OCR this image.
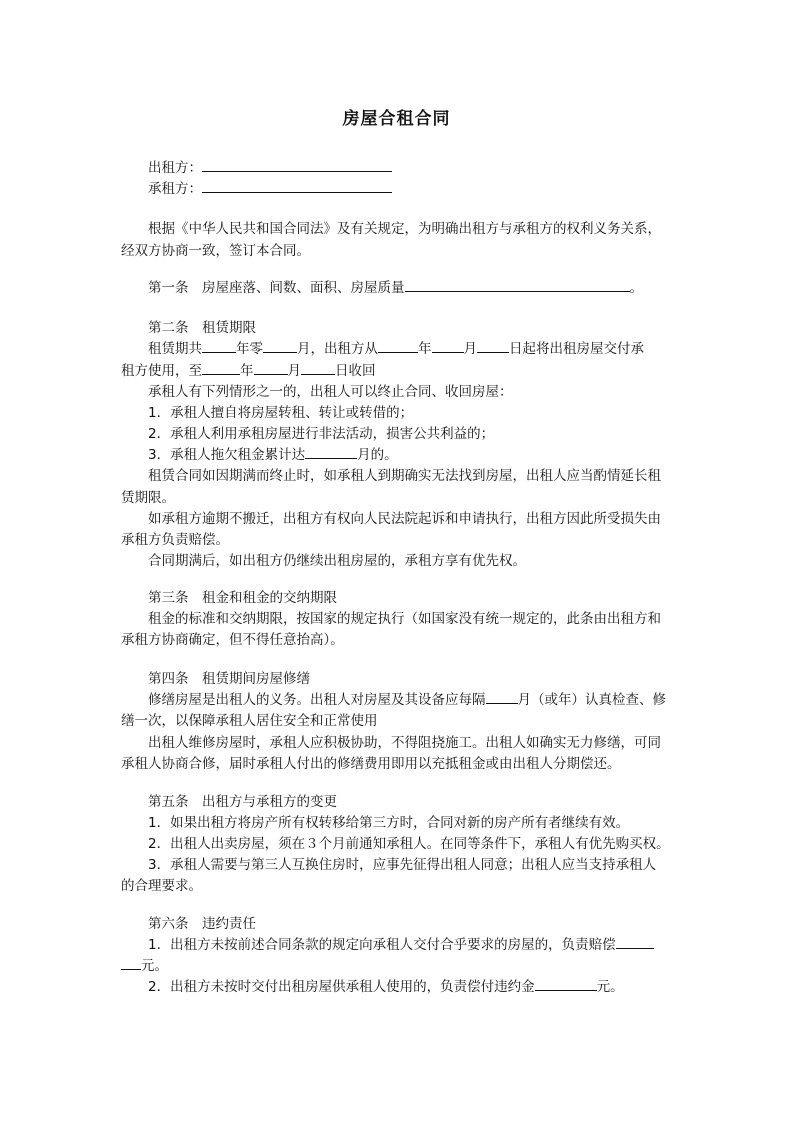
房屋合租合同
出租方：
承租方：
根据《中华人民共和国合同法》及有关规定，为明确出租方与承租方的权利义务关系，
经双方协商一致，签订本合同。
第一条　房屋座落、间数、面积、房屋质量	。
第二条　租赁期限
租赁期共	年零	月，出租方从	年 月 日起将出租房屋交付承
租方使用，至	年	月	日收回
承租人有下列情形之一的，出租人可以终止合同、收回房屋：
1．承租人擅自将房屋转租、转让或转借的；
2．承租人利用承租房屋进行非法活动，损害公共利益的；
3．承租人拖欠租金累计达	月的。
租赁合同如因期满而终止时，如承租人到期确实无法找到房屋，出租人应当酌情延长租
赁期限。
如承租方逾期不搬迁，出租方有权向人民法院起诉和申请执行，出租方因此所受损失由
承租方负责赔偿。
合同期满后，如出租方仍继续出租房屋的，承租方享有优先权。
第三条　租金和租金的交纳期限
租金的标准和交纳期限，按国家的规定执行（如国家没有统一规定的，此条由出租方和
承租方协商确定，但不得任意抬高）。
第四条　租赁期间房屋修缮
修缮房屋是出租人的义务。出租人对房屋及其设备应每隔 月（或年）认真检查、修
缮一次，以保障承租人居住安全和正常使用
出租人维修房屋时，承租人应积极协助，不得阻挠施工。出租人如确实无力修缮，可同
承租人协商合修，届时承租人付出的修缮费用即用以充抵租金或由出租人分期偿还。
第五条　出租方与承租方的变更
1．如果出租方将房产所有权转移给第三方时，合同对新的房产所有者继续有效。
2．出租人出卖房屋，须在３个月前通知承租人。在同等条件下，承租人有优先购买权。
3．承租人需要与第三人互换住房时，应事先征得出租人同意；出租人应当支持承租人
的合理要求。
第六条　违约责任
1．出租方未按前述合同条款的规定向承租人交付合乎要求的房屋的，负责赔偿
元。
2．出租方未按时交付出租房屋供承租人使用的，负责偿付违约金	元。
